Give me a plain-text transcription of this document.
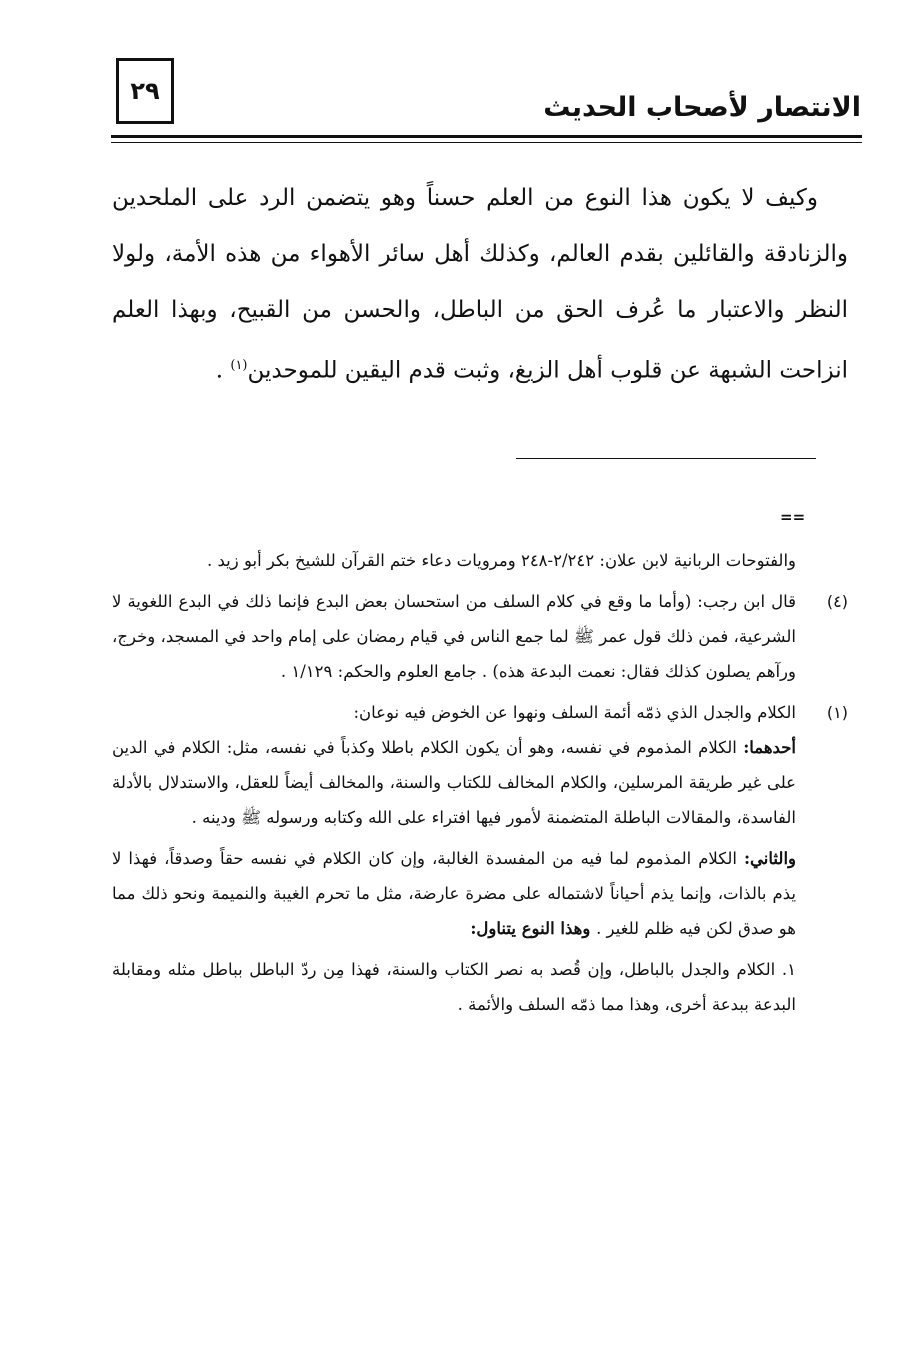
٢٩
الانتصار لأصحاب الحديث

وكيف لا يكون هذا النوع من العلم حسناً وهو يتضمن الرد على الملحدين والزنادقة والقائلين بقدم العالم، وكذلك أهل سائر الأهواء من هذه الأمة، ولولا النظر والاعتبار ما عُرف الحق من الباطل، والحسن من القبيح، وبهذا العلم انزاحت الشبهة عن قلوب أهل الزيغ، وثبت قدم اليقين للموحدين$^{(١)}$ .

==

والفتوحات الربانية لابن علان: ٢/٢٤٢-٢٤٨ ومرويات دعاء ختم القرآن للشيخ بكر أبو زيد .

(٤)
قال ابن رجب: (وأما ما وقع في كلام السلف من استحسان بعض البدع فإنما ذلك في البدع اللغوية لا الشرعية، فمن ذلك قول عمر ﷺ لما جمع الناس في قيام رمضان على إمام واحد في المسجد، وخرج، ورآهم يصلون كذلك فقال: نعمت البدعة هذه) . جامع العلوم والحكم: ١/١٢٩ .

(١)
الكلام والجدل الذي ذمّه أئمة السلف ونهوا عن الخوض فيه نوعان:

أحدهما: الكلام المذموم في نفسه، وهو أن يكون الكلام باطلا وكذباً في نفسه، مثل: الكلام في الدين على غير طريقة المرسلين، والكلام المخالف للكتاب والسنة، والمخالف أيضاً للعقل، والاستدلال بالأدلة الفاسدة، والمقالات الباطلة المتضمنة لأمور فيها افتراء على الله وكتابه ورسوله ﷺ ودينه .

والثاني: الكلام المذموم لما فيه من المفسدة الغالبة، وإن كان الكلام في نفسه حقاً وصدقاً، فهذا لا يذم بالذات، وإنما يذم أحياناً لاشتماله على مضرة عارضة، مثل ما تحرم الغيبة والنميمة ونحو ذلك مما هو صدق لكن فيه ظلم للغير . وهذا النوع يتناول:

١. الكلام والجدل بالباطل، وإن قُصد به نصر الكتاب والسنة، فهذا مِن ردّ الباطل بباطل مثله ومقابلة البدعة ببدعة أخرى، وهذا مما ذمّه السلف والأئمة .
